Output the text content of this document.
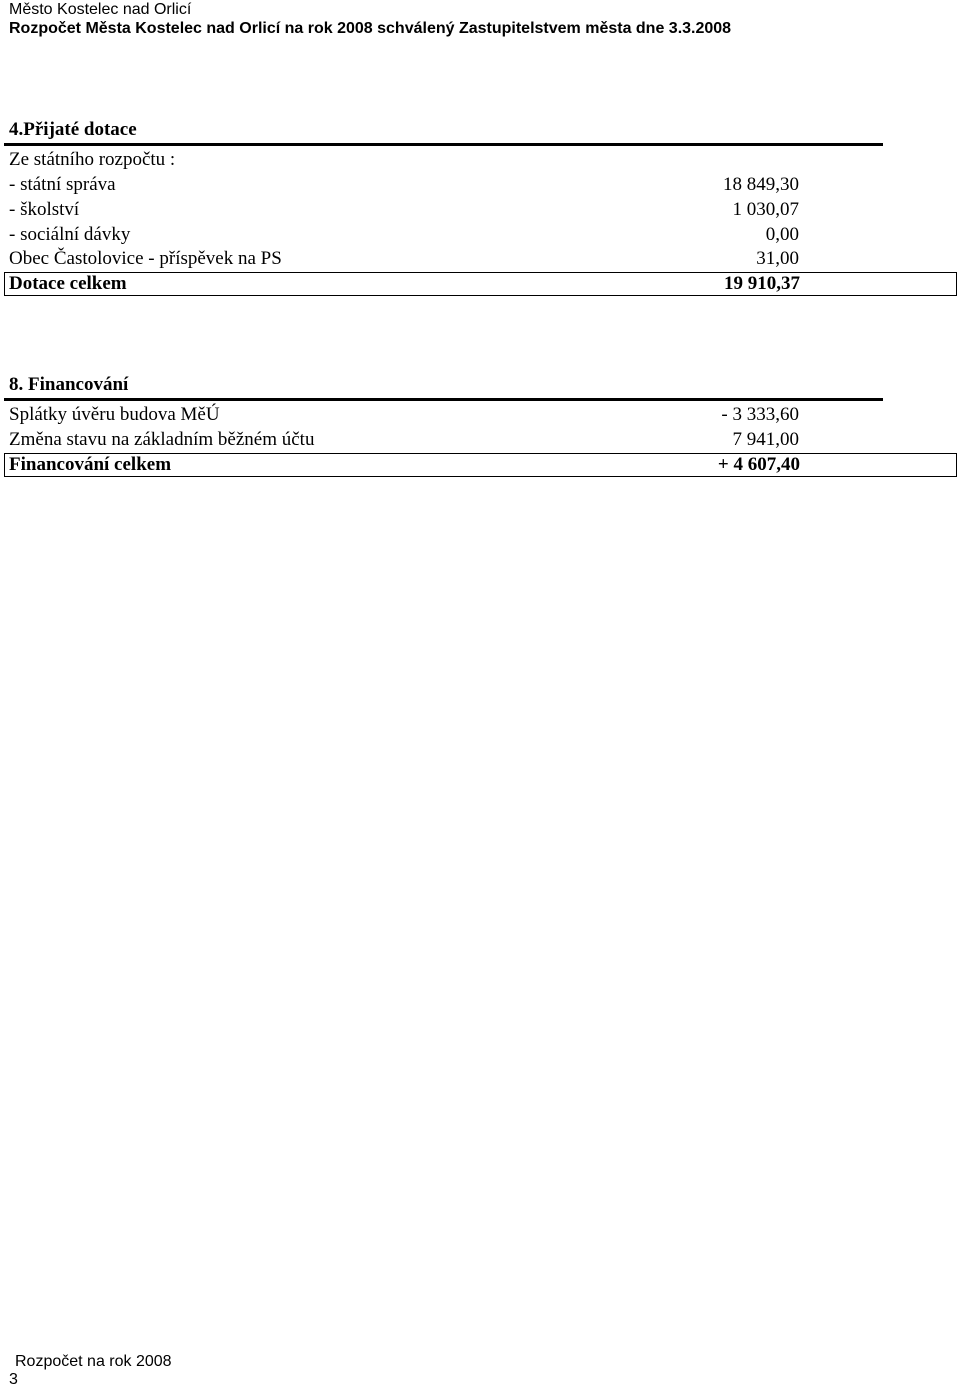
Město Kostelec nad Orlicí
Rozpočet Města Kostelec nad Orlicí na rok 2008 schválený Zastupitelstvem města dne 3.3.2008
4.Přijaté dotace
Ze státního rozpočtu :
- státní správa	18 849,30
- školství	1 030,07
- sociální dávky	0,00
Obec Častolovice - příspěvek na PS	31,00
Dotace celkem	19 910,37
8. Financování
Splátky úvěru budova MěÚ	- 3 333,60
Změna stavu na základním běžném účtu	7 941,00
Financování celkem	+ 4 607,40
Rozpočet na rok 2008
3
